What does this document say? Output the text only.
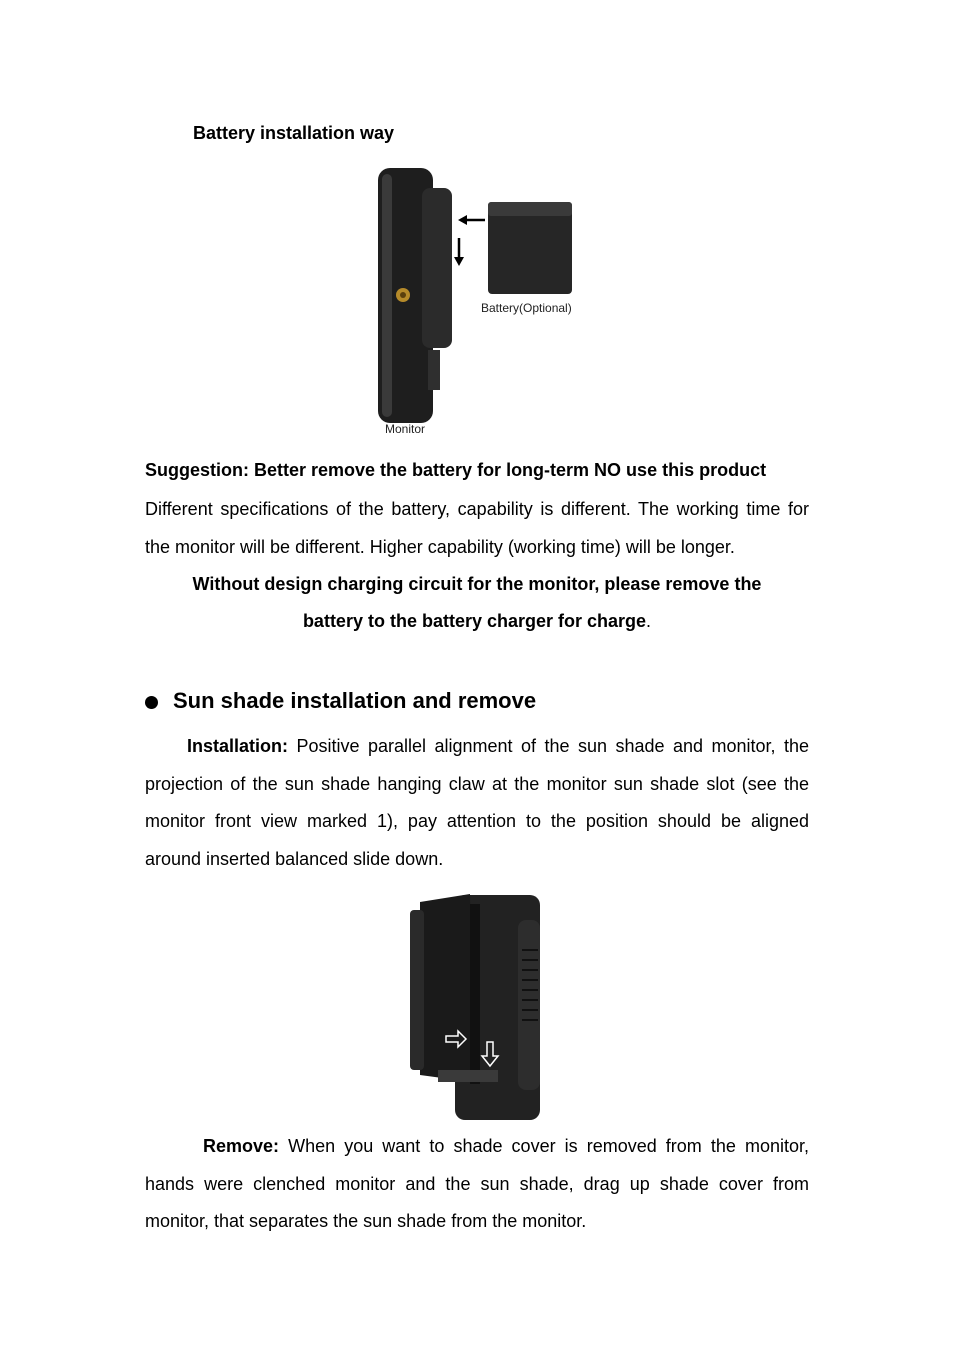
Battery installation way
Battery(Optional)
Monitor
Suggestion: Better remove the battery for long-term NO use this product
Different specifications of the battery, capability is different. The working time for the monitor will be different. Higher capability (working time) will be longer.
Without design charging circuit for the monitor, please remove the
battery to the battery charger for charge.
Sun shade installation and remove
Installation: Positive parallel alignment of the sun shade and monitor, the projection of the sun shade hanging claw at the monitor sun shade slot (see the monitor front view marked 1), pay attention to the position should be aligned around inserted balanced slide down.
Remove: When you want to shade cover is removed from the monitor, hands were clenched monitor and the sun shade, drag up shade cover from monitor, that separates the sun shade from the monitor.
